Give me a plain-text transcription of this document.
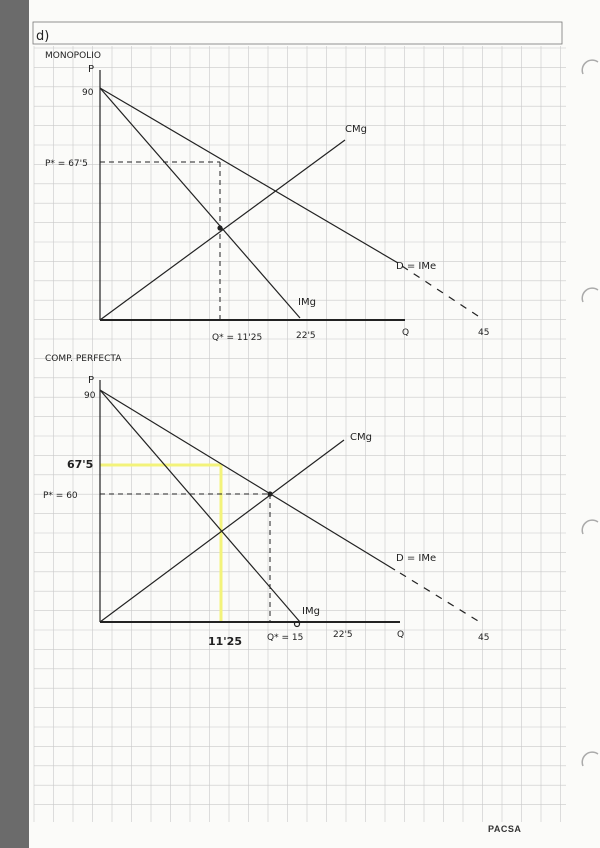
d)
MONOPOLIO
P
Q
90
P* = 67'5
Q* = 11'25	22'5	45
CMg
IMg
D = IMe
COMP. PERFECTA
P
Q
90
67'5
P* = 60
11'25	Q* = 15	22'5	45
CMg
IMg
D = IMe
PACSA
